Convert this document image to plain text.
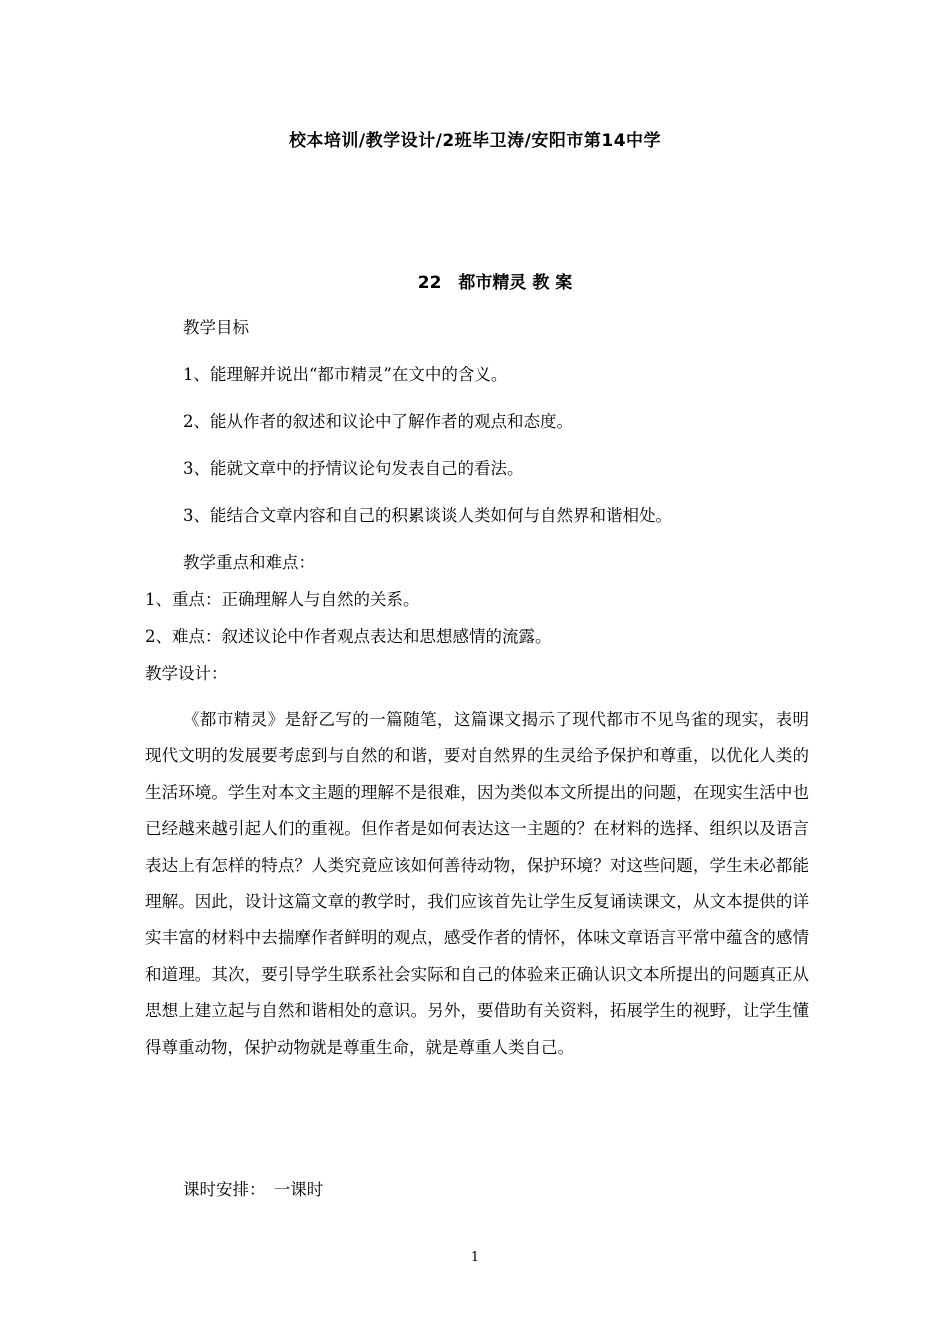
校本培训/教学设计/2班毕卫涛/安阳市第14中学
22　都市精灵 教 案
教学目标
1、能理解并说出“都市精灵”在文中的含义。
2、能从作者的叙述和议论中了解作者的观点和态度。
3、能就文章中的抒情议论句发表自己的看法。
3、能结合文章内容和自己的积累谈谈人类如何与自然界和谐相处。
教学重点和难点：
1、重点：正确理解人与自然的关系。
2、难点：叙述议论中作者观点表达和思想感情的流露。
教学设计：
《都市精灵》是舒乙写的一篇随笔，这篇课文揭示了现代都市不见鸟雀的现实，表明现代文明的发展要考虑到与自然的和谐，要对自然界的生灵给予保护和尊重，以优化人类的生活环境。学生对本文主题的理解不是很难，因为类似本文所提出的问题，在现实生活中也已经越来越引起人们的重视。但作者是如何表达这一主题的？在材料的选择、组织以及语言表达上有怎样的特点？人类究竟应该如何善待动物，保护环境？对这些问题，学生未必都能理解。因此，设计这篇文章的教学时，我们应该首先让学生反复诵读课文，从文本提供的详实丰富的材料中去揣摩作者鲜明的观点，感受作者的情怀，体味文章语言平常中蕴含的感情和道理。其次，要引导学生联系社会实际和自己的体验来正确认识文本所提出的问题真正从思想上建立起与自然和谐相处的意识。另外，要借助有关资料，拓展学生的视野，让学生懂得尊重动物，保护动物就是尊重生命，就是尊重人类自己。
课时安排：　一课时
1
